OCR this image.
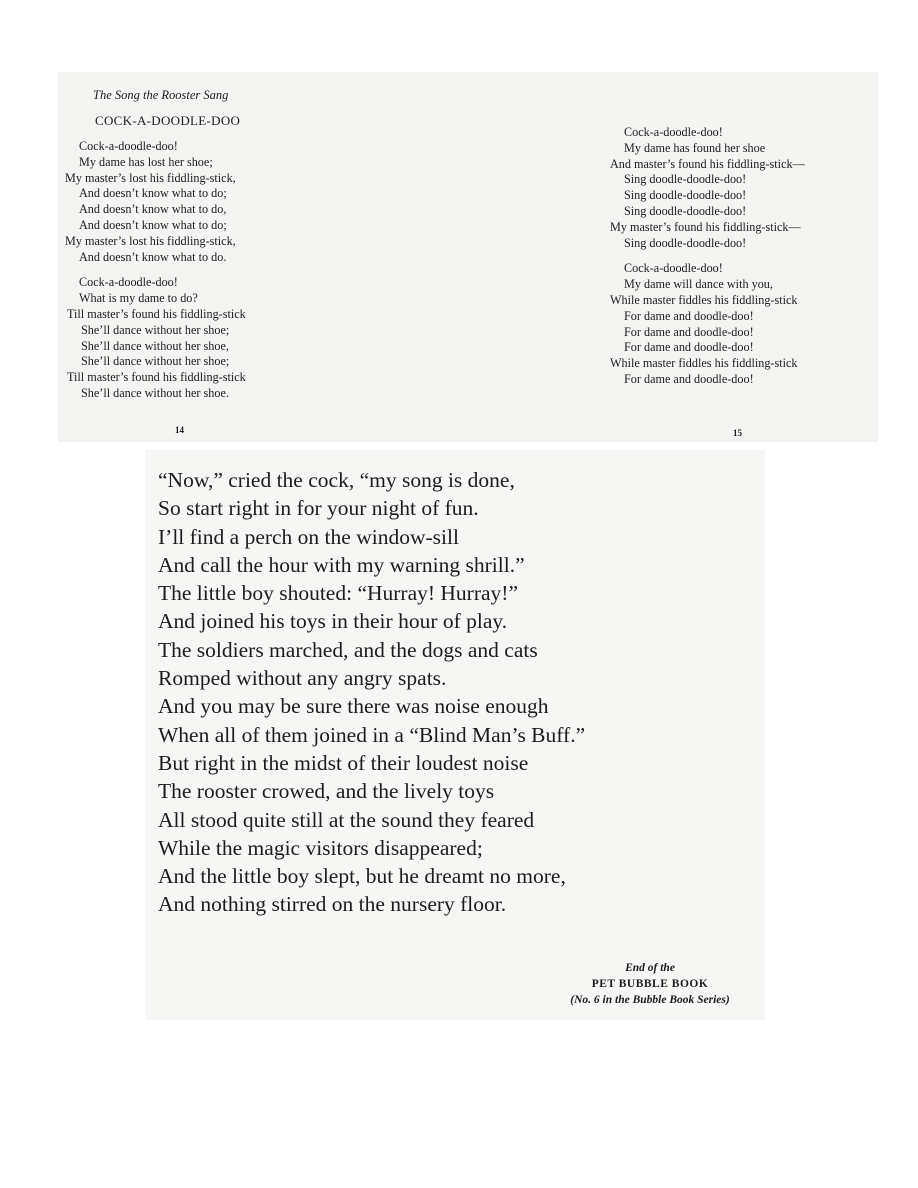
The Song the Rooster Sang
COCK-A-DOODLE-DOO
Cock-a-doodle-doo!
My dame has lost her shoe;
My master’s lost his fiddling-stick,
And doesn’t know what to do;
And doesn’t know what to do,
And doesn’t know what to do;
My master’s lost his fiddling-stick,
And doesn’t know what to do.
Cock-a-doodle-doo!
What is my dame to do?
Till master’s found his fiddling-stick
She’ll dance without her shoe;
She’ll dance without her shoe,
She’ll dance without her shoe;
Till master’s found his fiddling-stick
She’ll dance without her shoe.
14
Cock-a-doodle-doo!
My dame has found her shoe
And master’s found his fiddling-stick—
Sing doodle-doodle-doo!
Sing doodle-doodle-doo!
Sing doodle-doodle-doo!
My master’s found his fiddling-stick—
Sing doodle-doodle-doo!
Cock-a-doodle-doo!
My dame will dance with you,
While master fiddles his fiddling-stick
For dame and doodle-doo!
For dame and doodle-doo!
For dame and doodle-doo!
While master fiddles his fiddling-stick
For dame and doodle-doo!
15
“Now,” cried the cock, “my song is done,
So start right in for your night of fun.
I’ll find a perch on the window-sill
And call the hour with my warning shrill.”
The little boy shouted: “Hurray! Hurray!”
And joined his toys in their hour of play.
The soldiers marched, and the dogs and cats
Romped without any angry spats.
And you may be sure there was noise enough
When all of them joined in a “Blind Man’s Buff.”
But right in the midst of their loudest noise
The rooster crowed, and the lively toys
All stood quite still at the sound they feared
While the magic visitors disappeared;
And the little boy slept, but he dreamt no more,
And nothing stirred on the nursery floor.
End of the
PET BUBBLE BOOK
(No. 6 in the Bubble Book Series)
